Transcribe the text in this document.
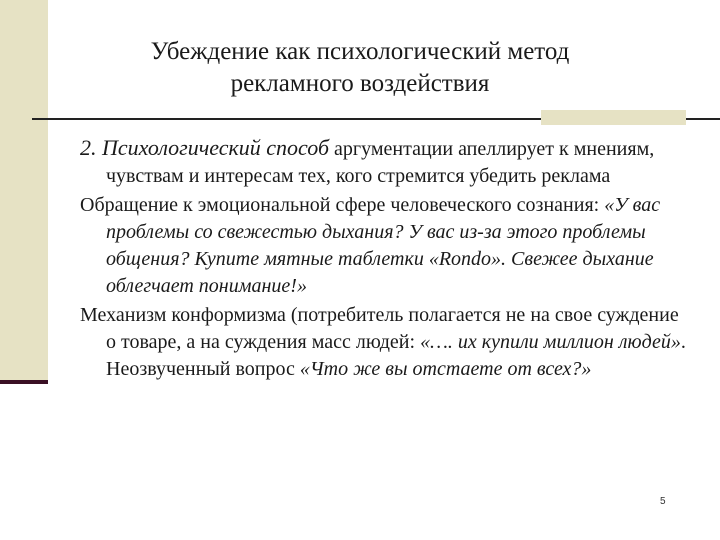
Убеждение как психологический метод
рекламного воздействия

2. Психологический способ аргументации апеллирует к мнениям, чувствам и интересам тех, кого стремится убедить реклама

Обращение к эмоциональной сфере человеческого сознания: «У вас проблемы со свежестью дыхания? У вас из-за этого проблемы общения? Купите мятные таблетки «Rondo». Свежее дыхание облегчает понимание!»

Механизм конформизма (потребитель полагается не на свое суждение о товаре, а на суждения масс людей: «…. их купили миллион людей». Неозвученный вопрос «Что же вы отстаете от всех?»

5
